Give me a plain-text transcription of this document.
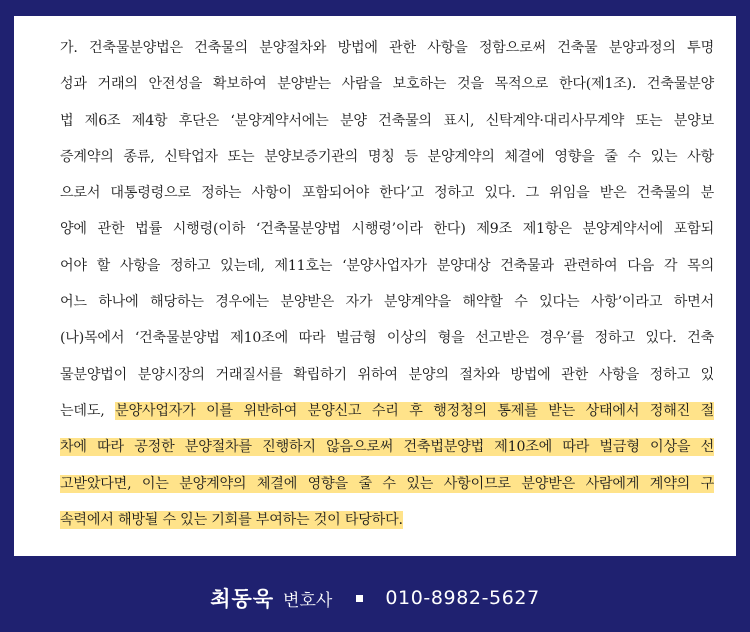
가. 건축물분양법은 건축물의 분양절차와 방법에 관한 사항을 정함으로써 건축물 분양과정의 투명
성과 거래의 안전성을 확보하여 분양받는 사람을 보호하는 것을 목적으로 한다(제1조). 건축물분양
법 제6조 제4항 후단은 ‘분양계약서에는 분양 건축물의 표시, 신탁계약·대리사무계약 또는 분양보
증계약의 종류, 신탁업자 또는 분양보증기관의 명칭 등 분양계약의 체결에 영향을 줄 수 있는 사항
으로서 대통령령으로 정하는 사항이 포함되어야 한다’고 정하고 있다. 그 위임을 받은 건축물의 분
양에 관한 법률 시행령(이하 ‘건축물분양법 시행령’이라 한다) 제9조 제1항은 분양계약서에 포함되
어야 할 사항을 정하고 있는데, 제11호는 ‘분양사업자가 분양대상 건축물과 관련하여 다음 각 목의
어느 하나에 해당하는 경우에는 분양받은 자가 분양계약을 해약할 수 있다는 사항’이라고 하면서
(나)목에서 ‘건축물분양법 제10조에 따라 벌금형 이상의 형을 선고받은 경우’를 정하고 있다. 건축
물분양법이 분양시장의 거래질서를 확립하기 위하여 분양의 절차와 방법에 관한 사항을 정하고 있
는데도, 분양사업자가 이를 위반하여 분양신고 수리 후 행정청의 통제를 받는 상태에서 정해진 절
차에 따라 공정한 분양절차를 진행하지 않음으로써 건축법분양법 제10조에 따라 벌금형 이상을 선
고받았다면, 이는 분양계약의 체결에 영향을 줄 수 있는 사항이므로 분양받은 사람에게 계약의 구
속력에서 해방될 수 있는 기회를 부여하는 것이 타당하다.
최동욱 변호사	010-8982-5627
